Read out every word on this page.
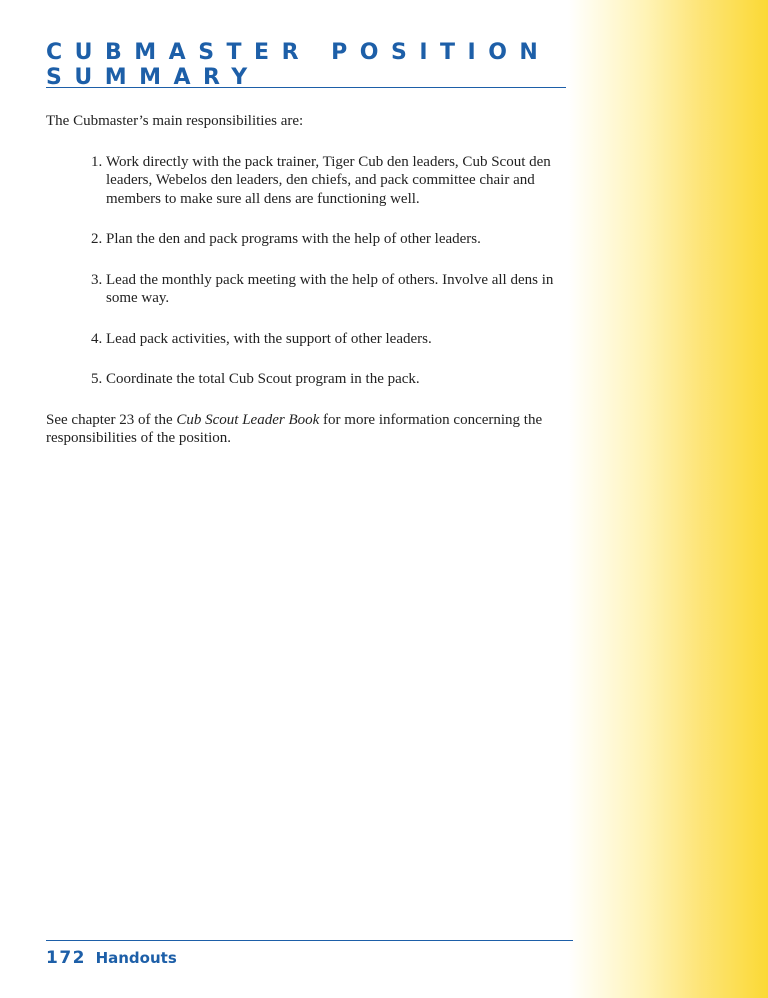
CUBMASTER POSITION SUMMARY

The Cubmaster’s main responsibilities are:

1. Work directly with the pack trainer, Tiger Cub den leaders, Cub Scout den leaders, Webelos den leaders, den chiefs, and pack committee chair and members to make sure all dens are functioning well.
2. Plan the den and pack programs with the help of other leaders.
3. Lead the monthly pack meeting with the help of others. Involve all dens in some way.
4. Lead pack activities, with the support of other leaders.
5. Coordinate the total Cub Scout program in the pack.

See chapter 23 of the Cub Scout Leader Book for more information concerning the responsibilities of the position.

172 Handouts
